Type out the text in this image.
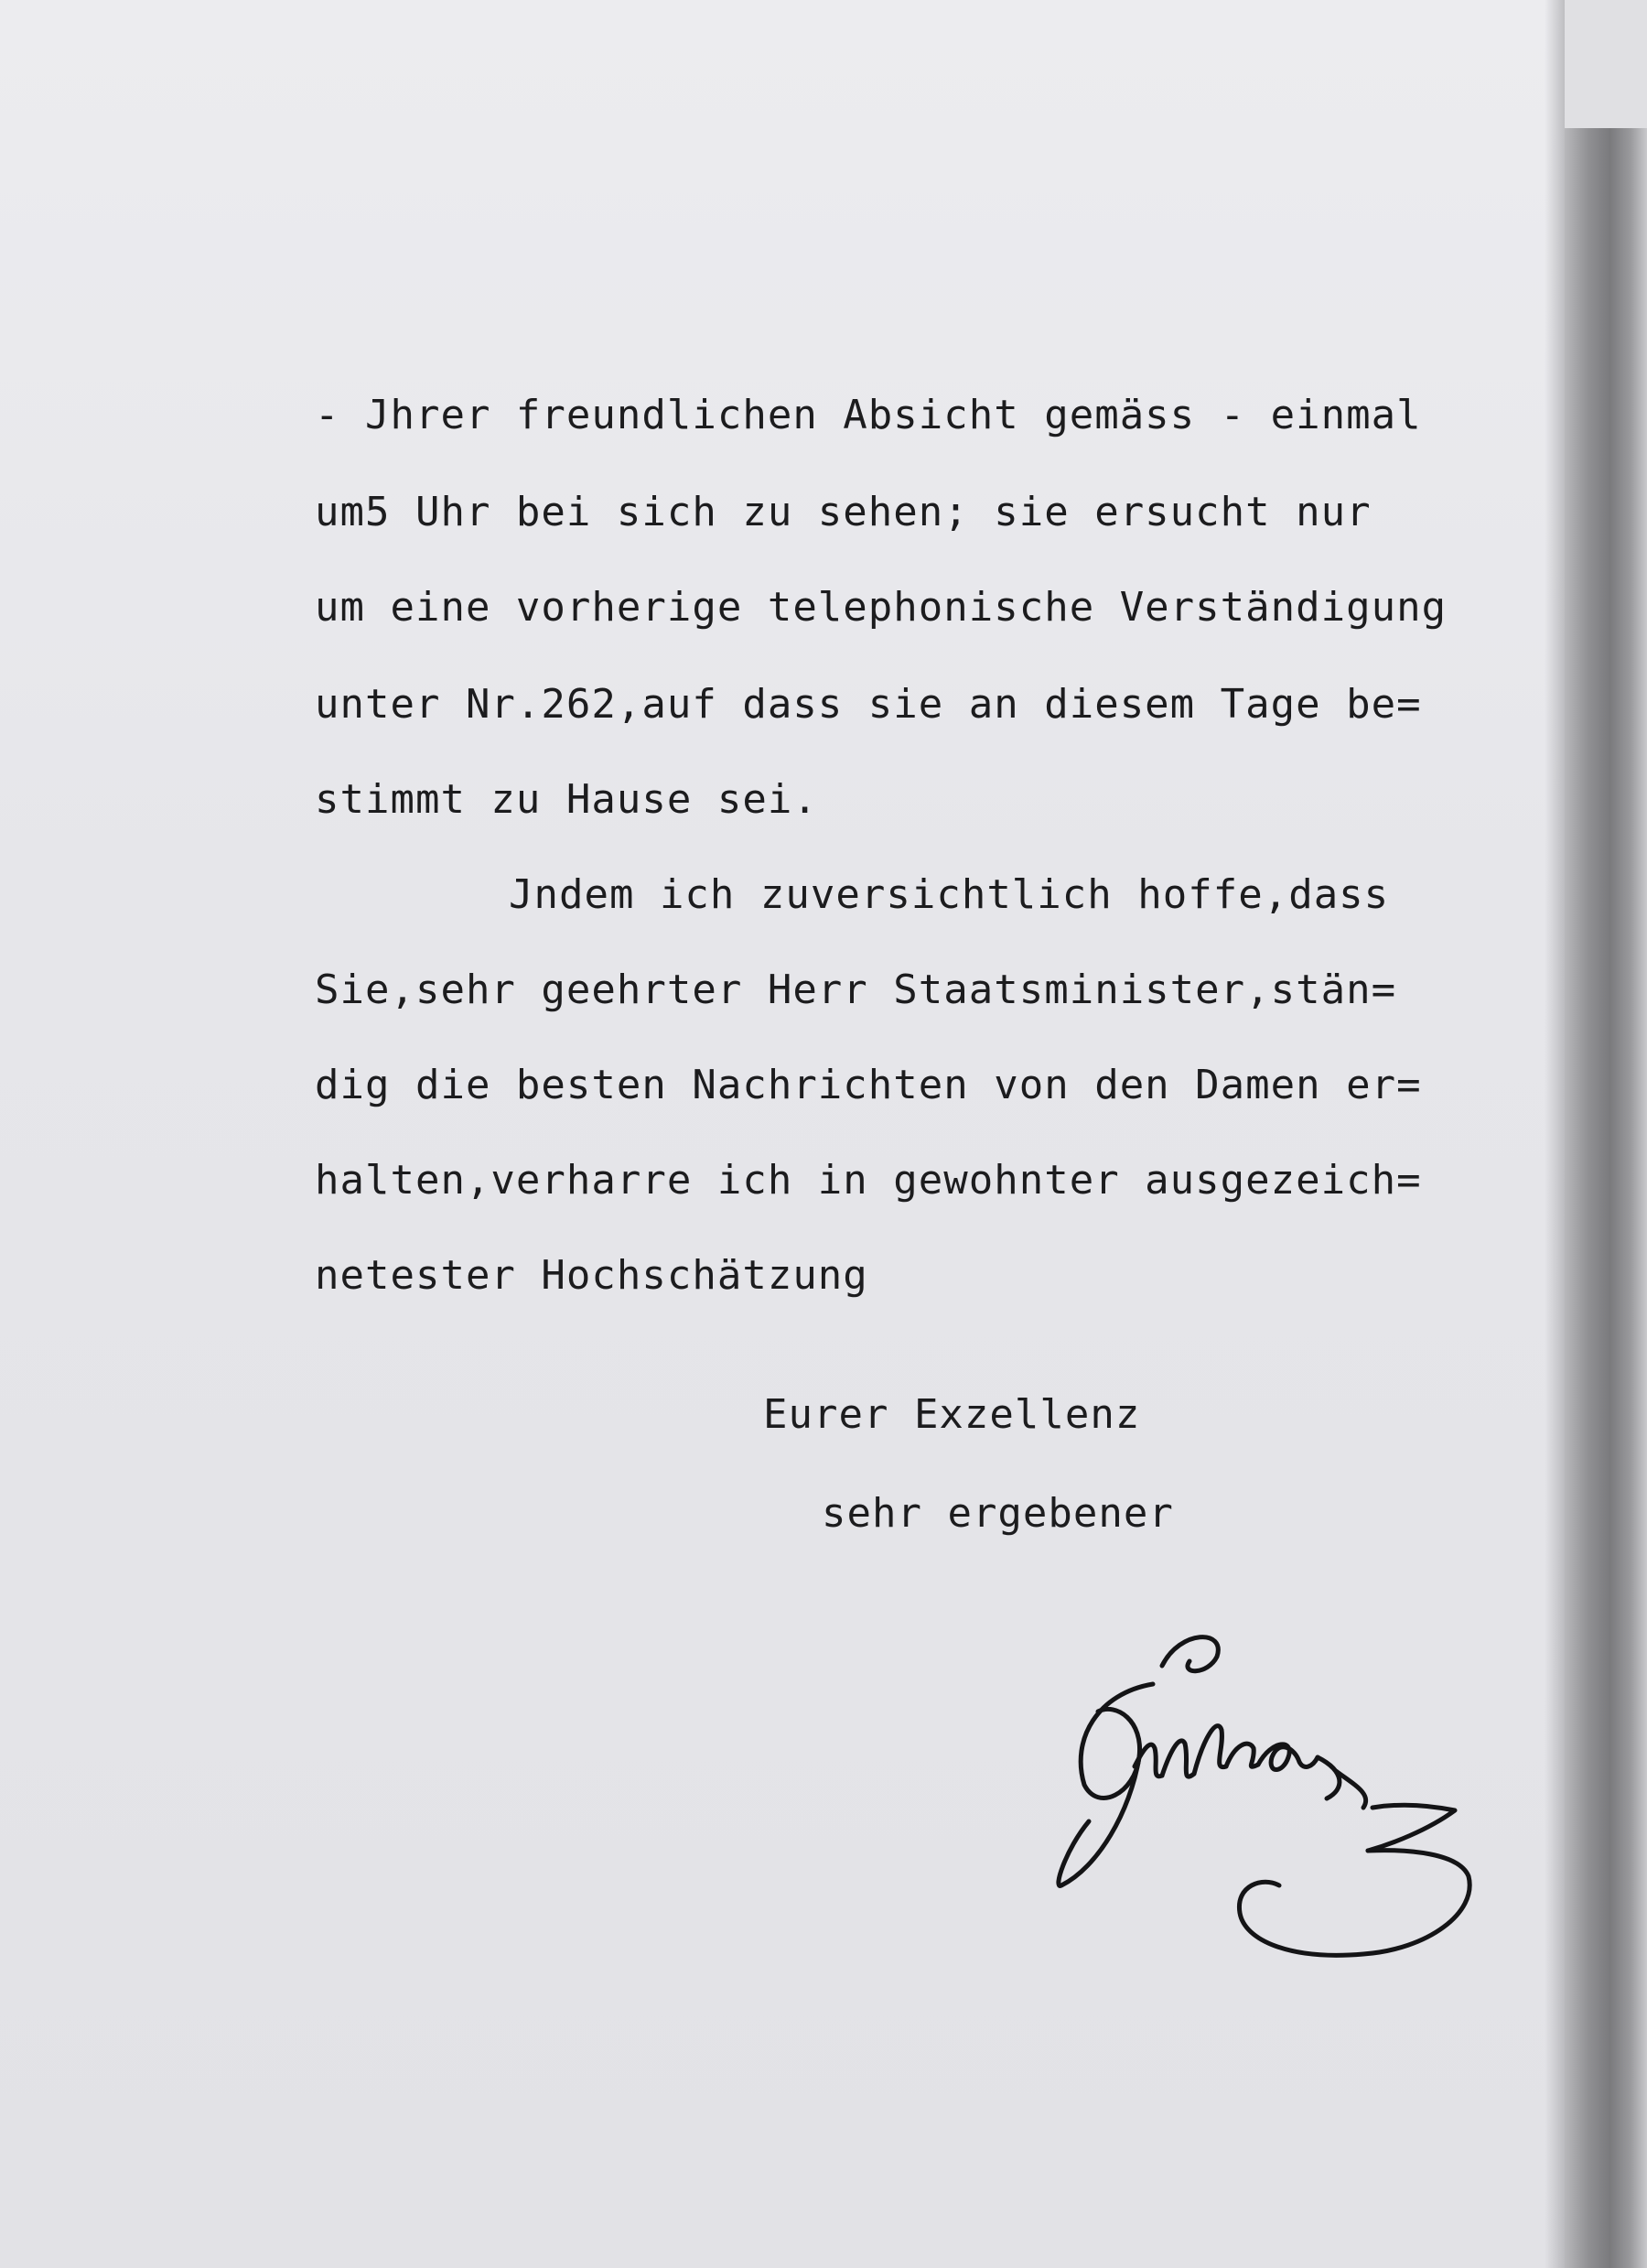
- Jhrer freundlichen Absicht gemäss - einmal
um5 Uhr bei sich zu sehen; sie ersucht nur
um eine vorherige telephonische Verständigung
unter Nr.262,auf dass sie an diesem Tage be=
stimmt zu Hause sei.
Jndem ich zuversichtlich hoffe,dass
Sie,sehr geehrter Herr Staatsminister,stän=
dig die besten Nachrichten von den Damen er=
halten,verharre ich in gewohnter ausgezeich=
netester Hochschätzung
Eurer Exzellenz
sehr ergebener
